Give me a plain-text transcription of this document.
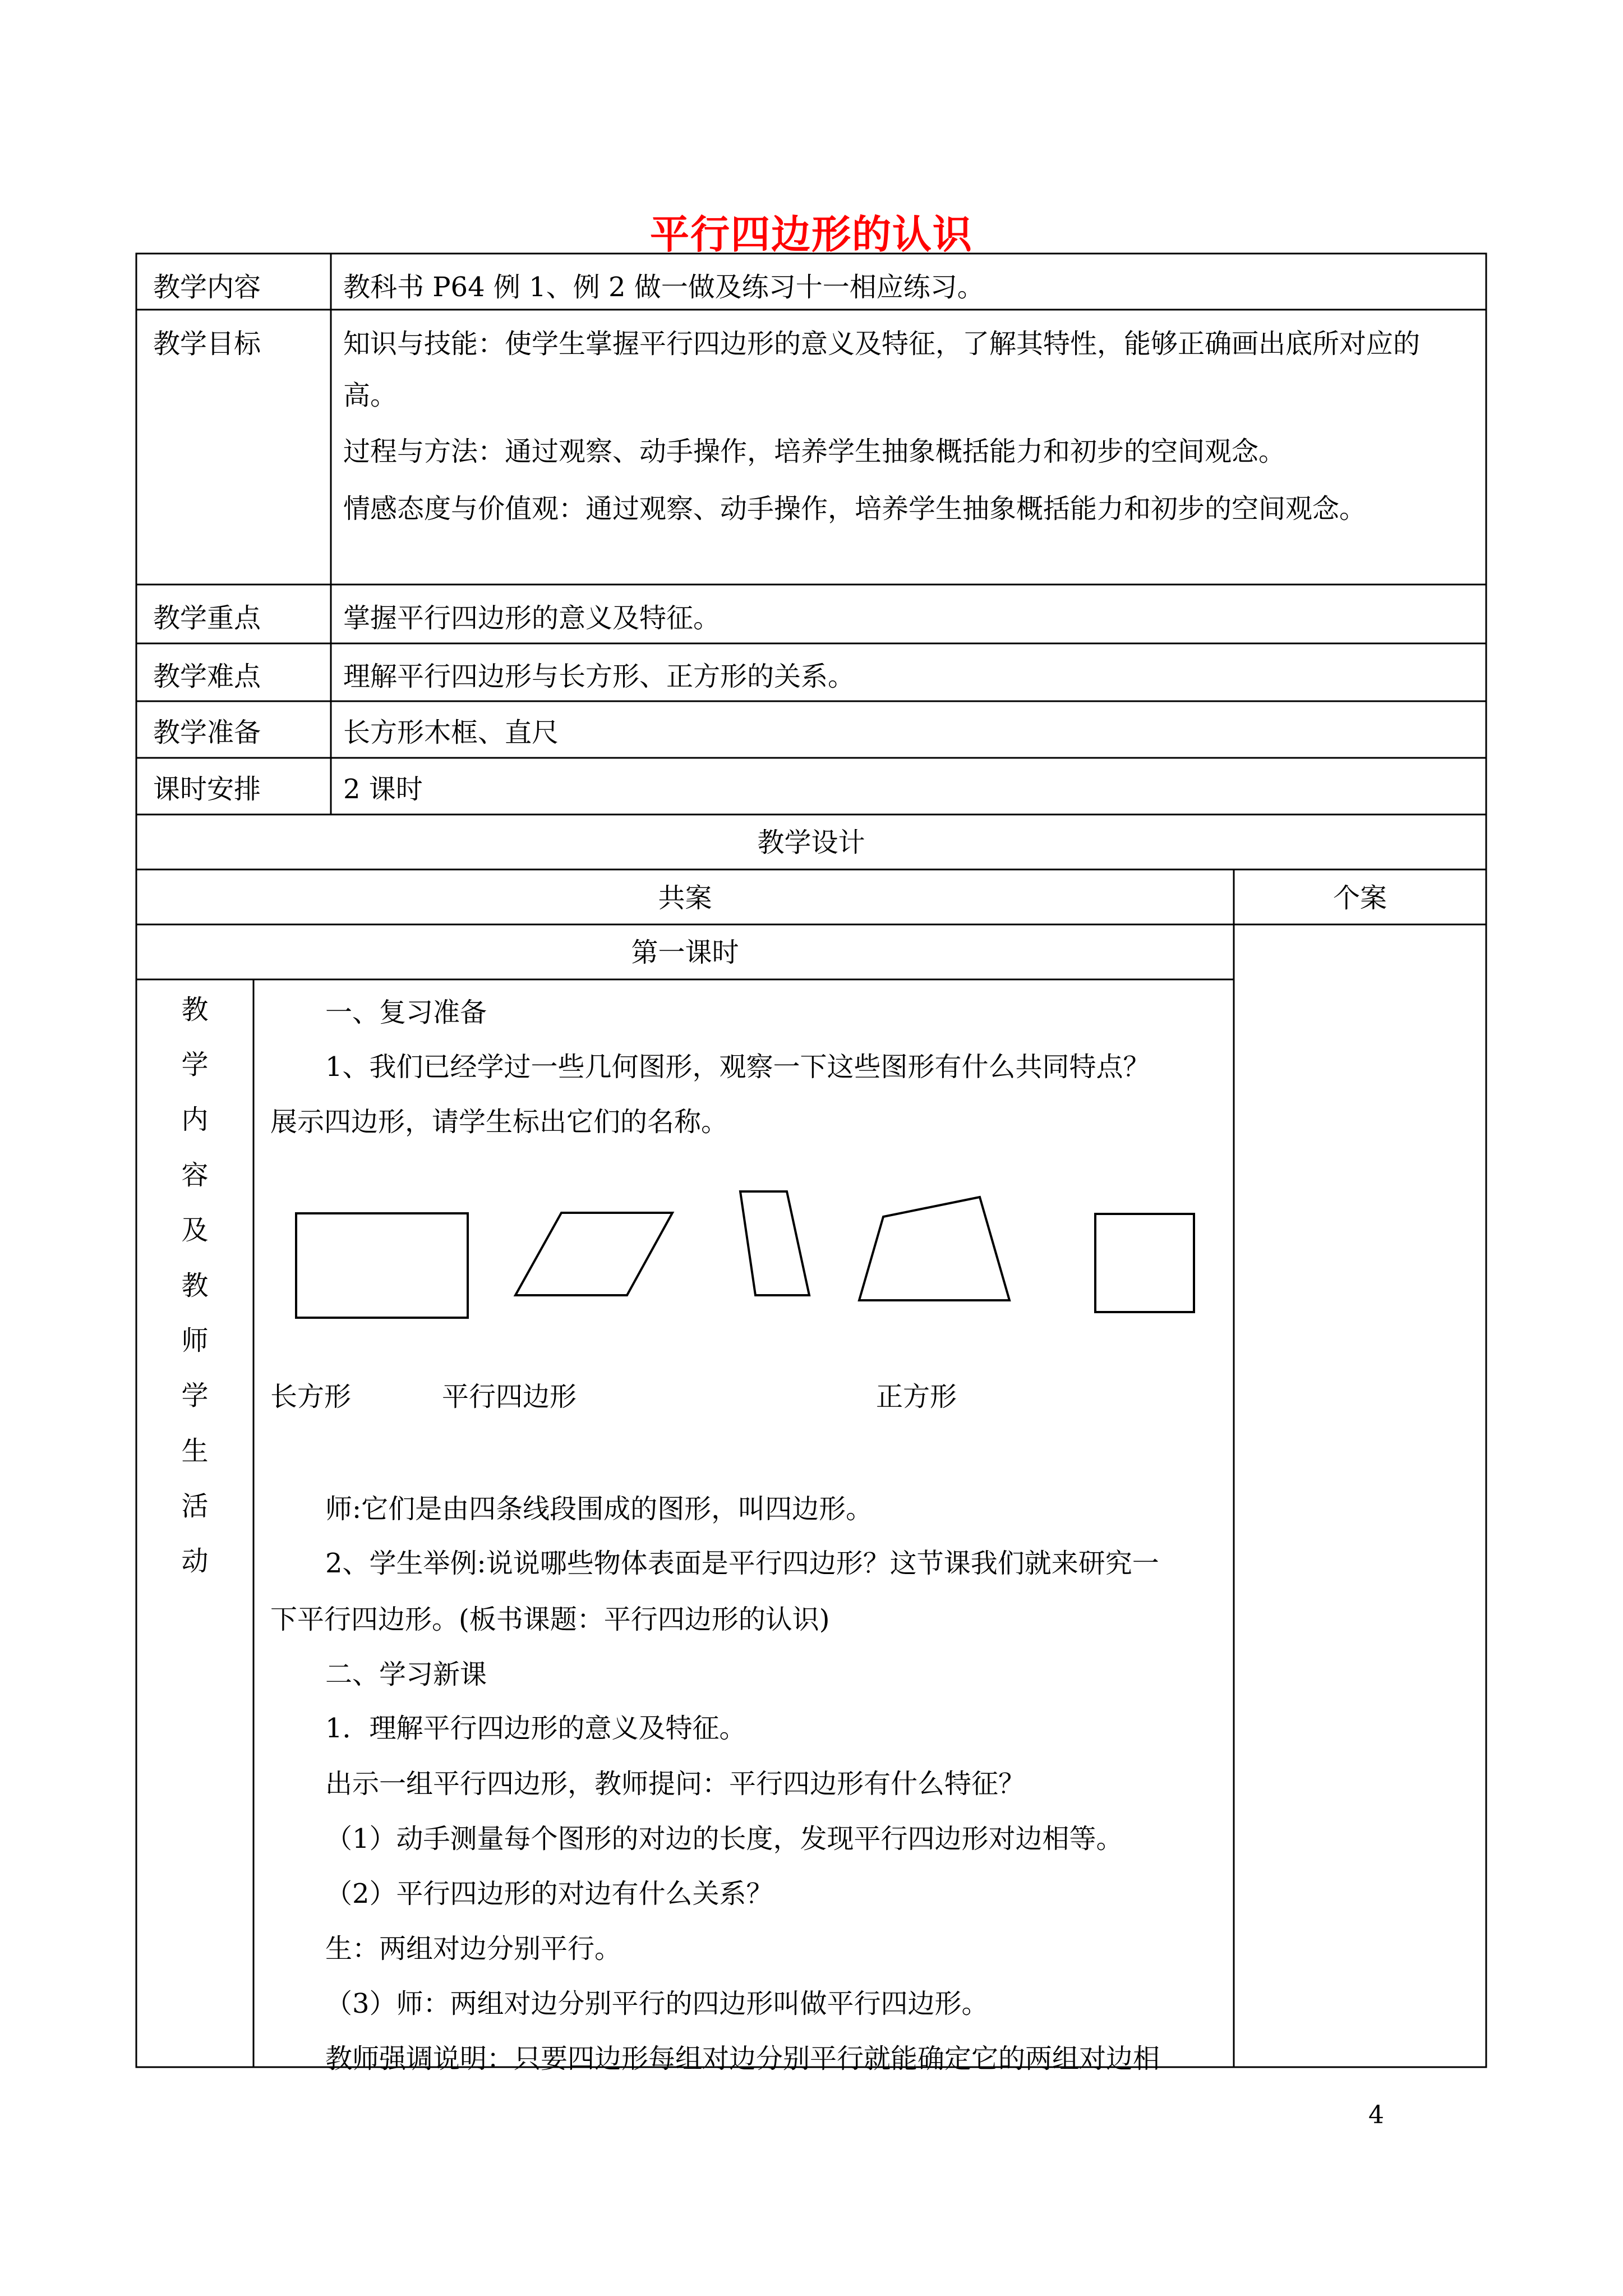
平行四边形的认识
教学内容	教科书 P64 例 1、例 2 做一做及练习十一相应练习。
教学目标	知识与技能：使学生掌握平行四边形的意义及特征，了解其特性，能够正确画出底所对应的
高。
过程与方法：通过观察、动手操作，培养学生抽象概括能力和初步的空间观念。
情感态度与价值观：通过观察、动手操作，培养学生抽象概括能力和初步的空间观念。
教学重点	掌握平行四边形的意义及特征。
教学难点	理解平行四边形与长方形、正方形的关系。
教学准备	长方形木框、直尺
课时安排	2 课时
教学设计
共案	个案
第一课时
教
学
内
容
及
教
师
学
生
活
动
一、复习准备
1、我们已经学过一些几何图形，观察一下这些图形有什么共同特点？
展示四边形，请学生标出它们的名称。
长方形	平行四边形	正方形
师:它们是由四条线段围成的图形，叫四边形。
2、学生举例:说说哪些物体表面是平行四边形？这节课我们就来研究一
下平行四边形。(板书课题：平行四边形的认识)
二、学习新课
1．理解平行四边形的意义及特征。
出示一组平行四边形，教师提问：平行四边形有什么特征？
（1）动手测量每个图形的对边的长度，发现平行四边形对边相等。
（2）平行四边形的对边有什么关系？
生：两组对边分别平行。
（3）师：两组对边分别平行的四边形叫做平行四边形。
教师强调说明：只要四边形每组对边分别平行就能确定它的两组对边相
4
